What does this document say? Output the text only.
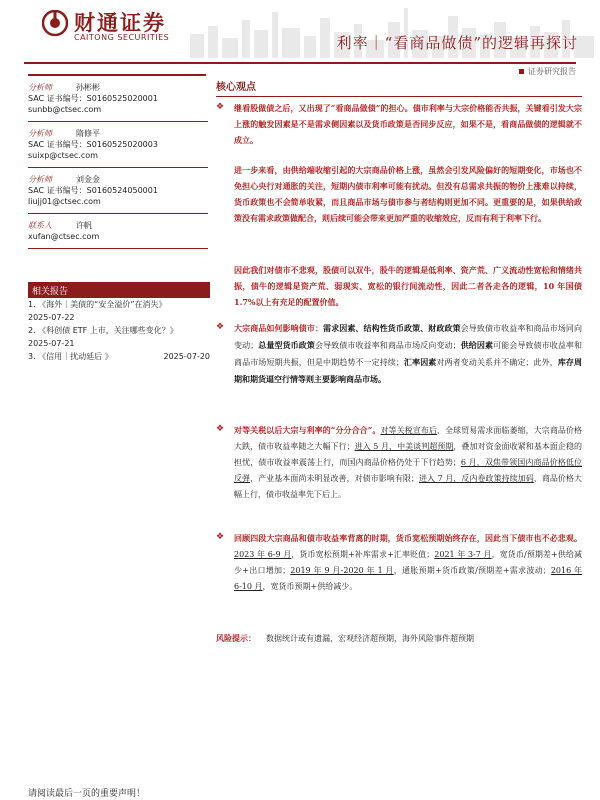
财通证券
CAITONG SECURITIES	利率｜“看商品做债”的逻辑再探讨
证券研究报告
分析师	孙彬彬
SAC 证书编号：S0160525020001
sunbb@ctsec.com
分析师	隋修平
SAC 证书编号：S0160525020003
suixp@ctsec.com
分析师	刘金金
SAC 证书编号：S0160524050001
liujj01@ctsec.com
联系人	许帆
xufan@ctsec.com
相关报告
1. 《海外｜美债的“安全溢价”在消失》
2025-07-22
2. 《科创债 ETF 上市，关注哪些变化？》
2025-07-21
3. 《信用｜扰动延后 》	2025-07-20
核心观点
❖ 继看股做债之后，又出现了“看商品做债”的担心。债市利率与大宗价格能否共振，关键看引发大宗上涨的触发因素是不是需求侧因素以及货币政策是否同步反应，如果不是，看商品做债的逻辑就不成立。
进一步来看，由供给端收缩引起的大宗商品价格上涨，虽然会引发风险偏好的短期变化，市场也不免担心央行对通胀的关注，短期内债市利率可能有扰动。但没有总需求共振的物价上涨难以持续，货币政策也不会简单收紧，而且商品市场与债市参与者结构则更加不同。更重要的是，如果供给政策没有需求政策做配合，则后续可能会带来更加严重的收缩效应，反而有利于利率下行。
因此我们对债市不悲观，股债可以双牛，股牛的逻辑是低利率、资产荒、广义流动性宽松和情绪共振，债牛的逻辑是资产荒、弱现实、宽松的银行间流动性，因此二者各走各的逻辑，10 年国债 1.7%以上有充足的配置价值。
❖ 大宗商品如何影响债市：需求因素、结构性货币政策、财政政策会导致债市收益率和商品市场同向变动；总量型货币政策会导致债市收益率和商品市场反向变动；供给因素可能会导致债市收益率和商品市场短期共振，但是中期趋势不一定持续；汇率因素对两者变动关系并不确定；此外，库存周期和期货逼空行情等则主要影响商品市场。
❖ 对等关税以后大宗与利率的“分分合合”。对等关税宣布后，全球贸易需求面临萎缩，大宗商品价格大跌，债市收益率随之大幅下行；进入 5 月，中美谈判超预期，叠加对资金面收紧和基本面企稳的担忧，债市收益率震荡上行，而国内商品价格仍处于下行趋势；6 月，双焦带领国内商品价格低位反弹，产业基本面尚未明显改善，对债市影响有限；进入 7 月，反内卷政策持续加码，商品价格大幅上行，债市收益率先下后上。
❖ 回顾四段大宗商品和债市收益率背离的时期，货币宽松预期始终存在，因此当下债市也不必悲观。2023 年 6-9 月，货币宽松预期+补库需求+汇率贬值；2021 年 3-7 月，宽货币/预期差+供给减少+出口增加；2019 年 9 月-2020 年 1 月，通胀预期+货币政策/预期差+需求波动；2016 年 6-10 月，宽货币预期+供给减少。
风险提示： 数据统计或有遗漏，宏观经济超预期，海外风险事件超预期
请阅读最后一页的重要声明！
